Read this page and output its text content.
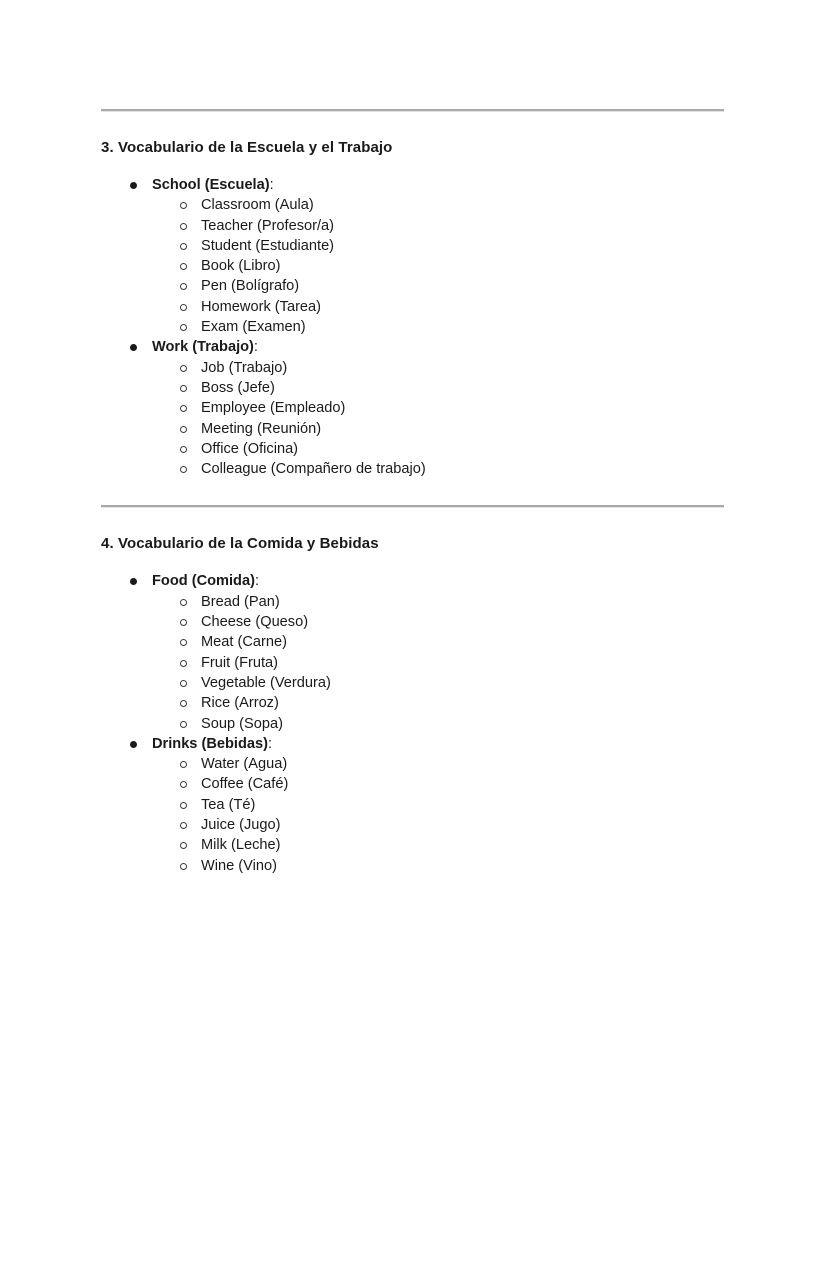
3. Vocabulario de la Escuela y el Trabajo
School (Escuela):
Classroom (Aula)
Teacher (Profesor/a)
Student (Estudiante)
Book (Libro)
Pen (Bolígrafo)
Homework (Tarea)
Exam (Examen)
Work (Trabajo):
Job (Trabajo)
Boss (Jefe)
Employee (Empleado)
Meeting (Reunión)
Office (Oficina)
Colleague (Compañero de trabajo)
4. Vocabulario de la Comida y Bebidas
Food (Comida):
Bread (Pan)
Cheese (Queso)
Meat (Carne)
Fruit (Fruta)
Vegetable (Verdura)
Rice (Arroz)
Soup (Sopa)
Drinks (Bebidas):
Water (Agua)
Coffee (Café)
Tea (Té)
Juice (Jugo)
Milk (Leche)
Wine (Vino)
